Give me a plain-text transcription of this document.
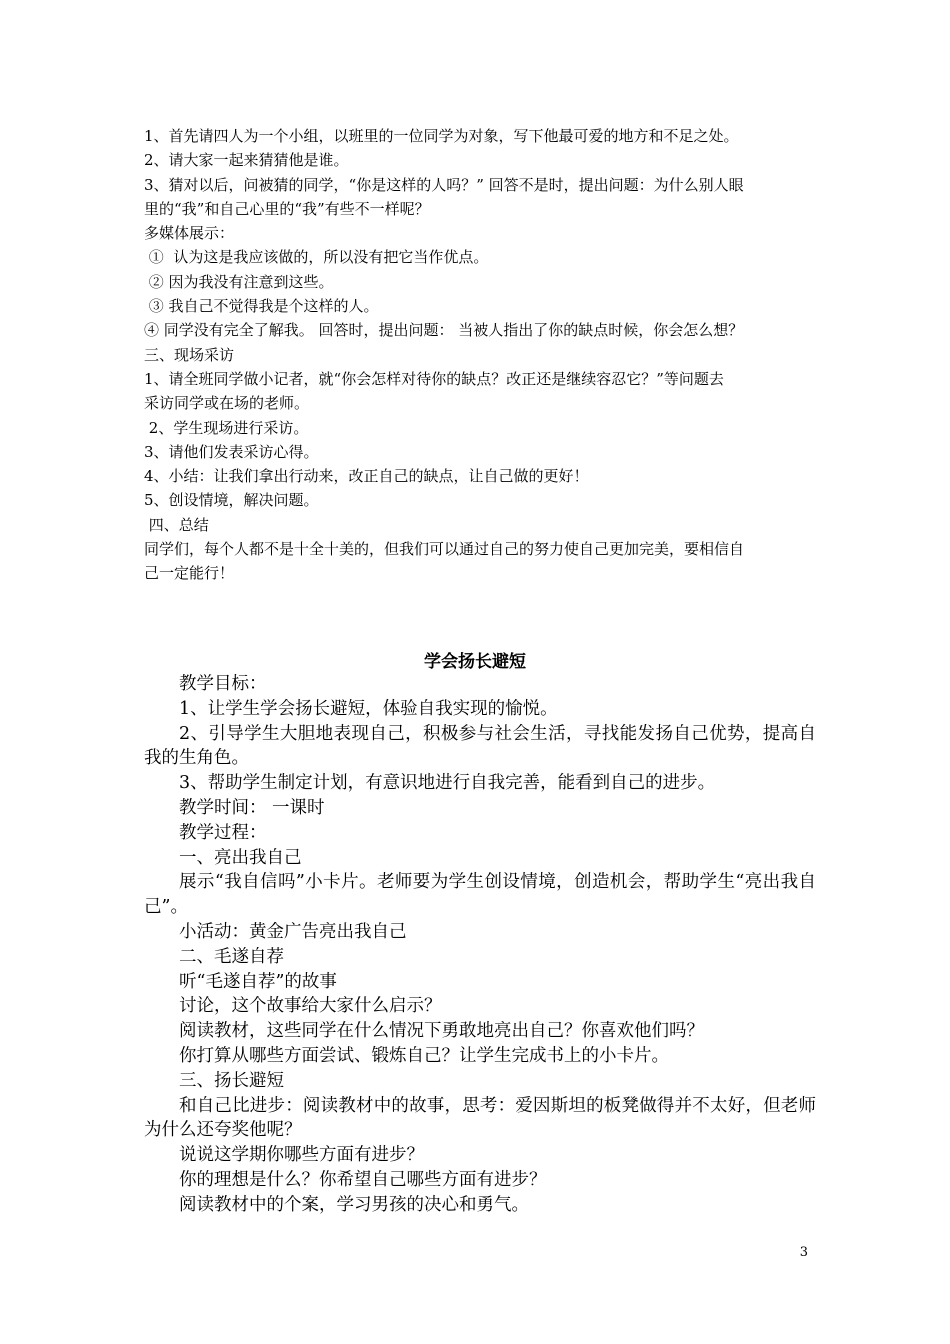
1、首先请四人为一个小组，以班里的一位同学为对象，写下他最可爱的地方和不足之处。

2、请大家一起来猜猜他是谁。

3、猜对以后，问被猜的同学，“你是这样的人吗？” 回答不是时，提出问题：为什么别人眼

里的“我”和自己心里的“我”有些不一样呢？

多媒体展示：

①  认为这是我应该做的，所以没有把它当作优点。

② 因为我没有注意到这些。

③ 我自己不觉得我是个这样的人。

④ 同学没有完全了解我。 回答时，提出问题： 当被人指出了你的缺点时候，你会怎么想？

三、现场采访

1、请全班同学做小记者，就“你会怎样对待你的缺点？改正还是继续容忍它？”等问题去

采访同学或在场的老师。

2、学生现场进行采访。

3、请他们发表采访心得。

4、小结：让我们拿出行动来，改正自己的缺点，让自己做的更好！

5、创设情境，解决问题。

四、总结

同学们，每个人都不是十全十美的，但我们可以通过自己的努力使自己更加完美，要相信自

己一定能行！

学会扬长避短

教学目标：

1、让学生学会扬长避短，体验自我实现的愉悦。

2、引导学生大胆地表现自己，积极参与社会生活，寻找能发扬自己优势，提高自我的生角色。

3、帮助学生制定计划，有意识地进行自我完善，能看到自己的进步。

教学时间： 一课时

教学过程：

一、亮出我自己

展示“我自信吗”小卡片。老师要为学生创设情境，创造机会，帮助学生“亮出我自己”。

小活动：黄金广告亮出我自己

二、毛遂自荐

听“毛遂自荐”的故事

讨论，这个故事给大家什么启示？

阅读教材，这些同学在什么情况下勇敢地亮出自己？你喜欢他们吗？

你打算从哪些方面尝试、锻炼自己？让学生完成书上的小卡片。

三、扬长避短

和自己比进步：阅读教材中的故事，思考：爱因斯坦的板凳做得并不太好，但老师为什么还夸奖他呢？

说说这学期你哪些方面有进步？

你的理想是什么？你希望自己哪些方面有进步？

阅读教材中的个案，学习男孩的决心和勇气。

3
